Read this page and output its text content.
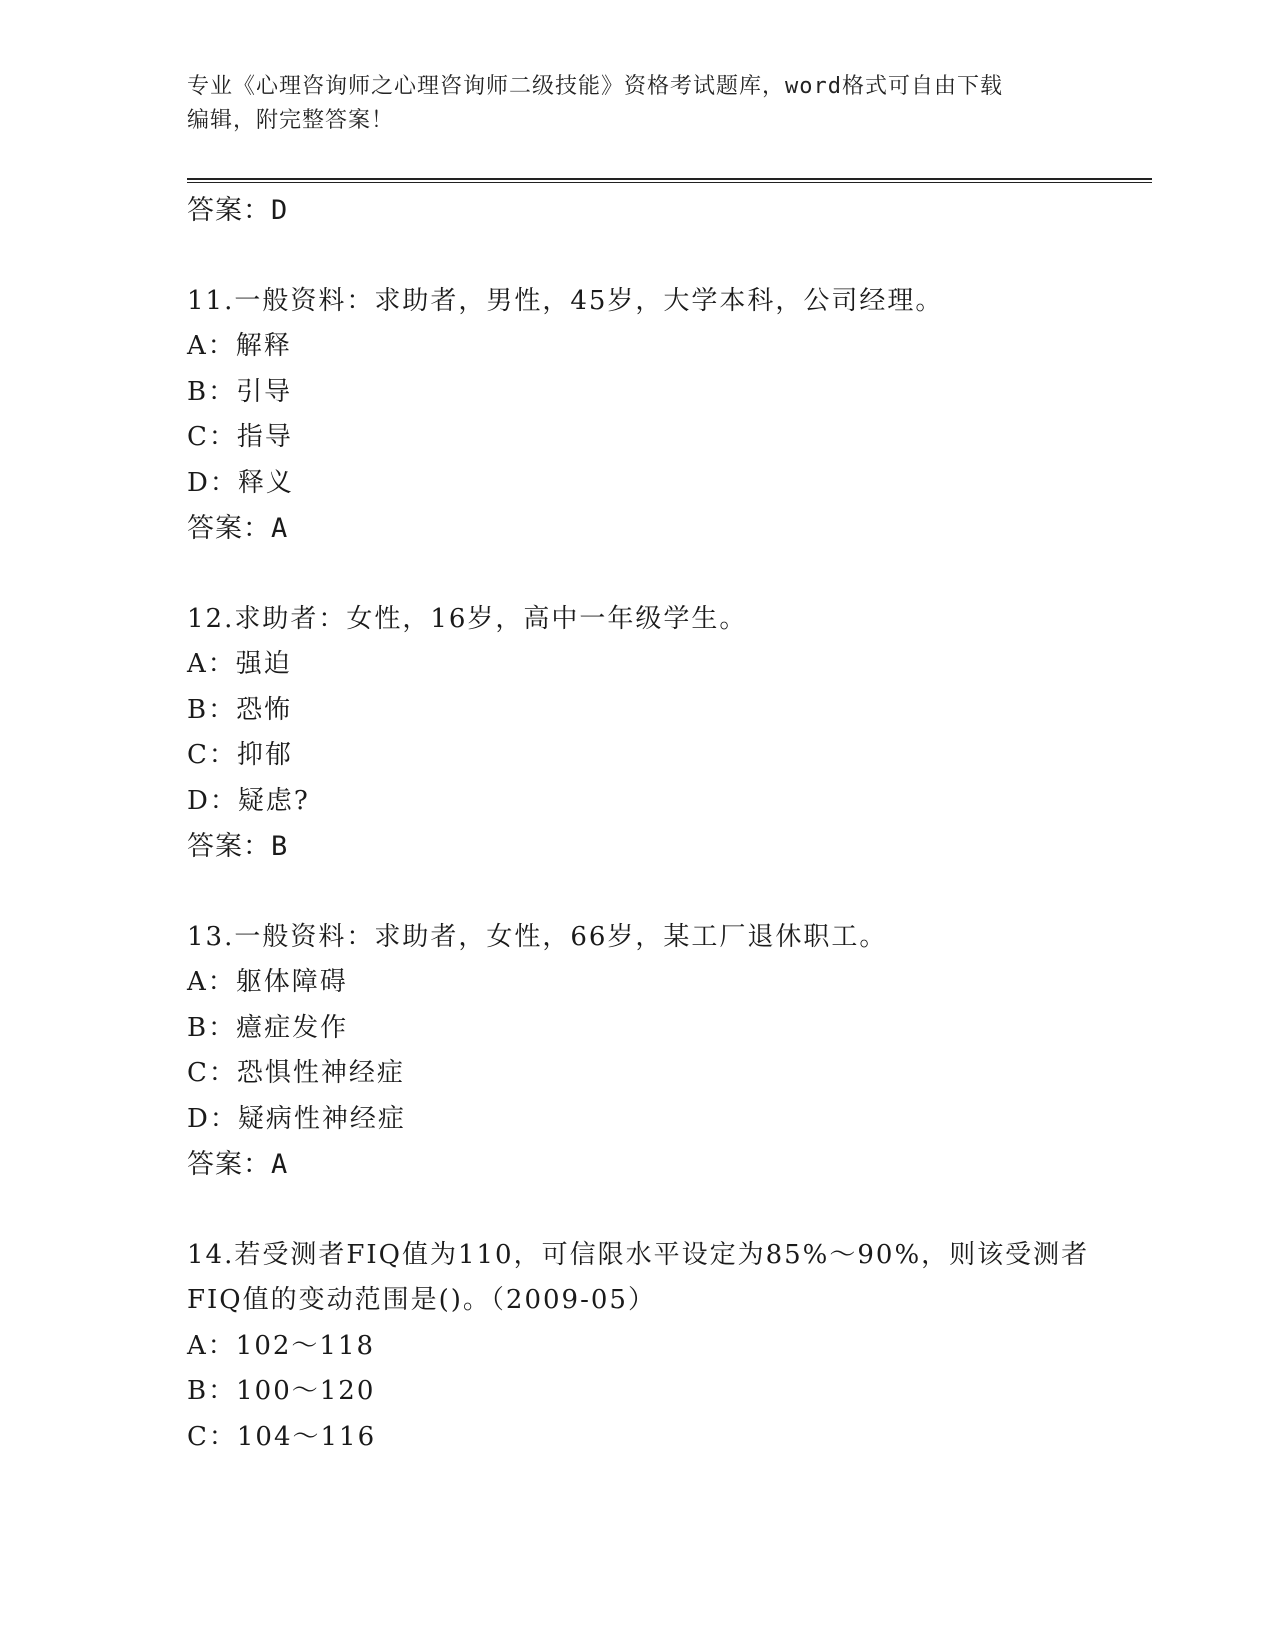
专业《心理咨询师之心理咨询师二级技能》资格考试题库，word格式可自由下载
编辑，附完整答案！
答案：D
11.一般资料：求助者，男性，45岁，大学本科，公司经理。
A：解释
B：引导
C：指导
D：释义
答案：A
12.求助者：女性，16岁，高中一年级学生。
A：强迫
B：恐怖
C：抑郁
D：疑虑?
答案：B
13.一般资料：求助者，女性，66岁，某工厂退休职工。
A：躯体障碍
B：癔症发作
C：恐惧性神经症
D：疑病性神经症
答案：A
14.若受测者FIQ值为110，可信限水平设定为85%～90%，则该受测者
FIQ值的变动范围是()。（2009-05）
A：102～118
B：100～120
C：104～116
